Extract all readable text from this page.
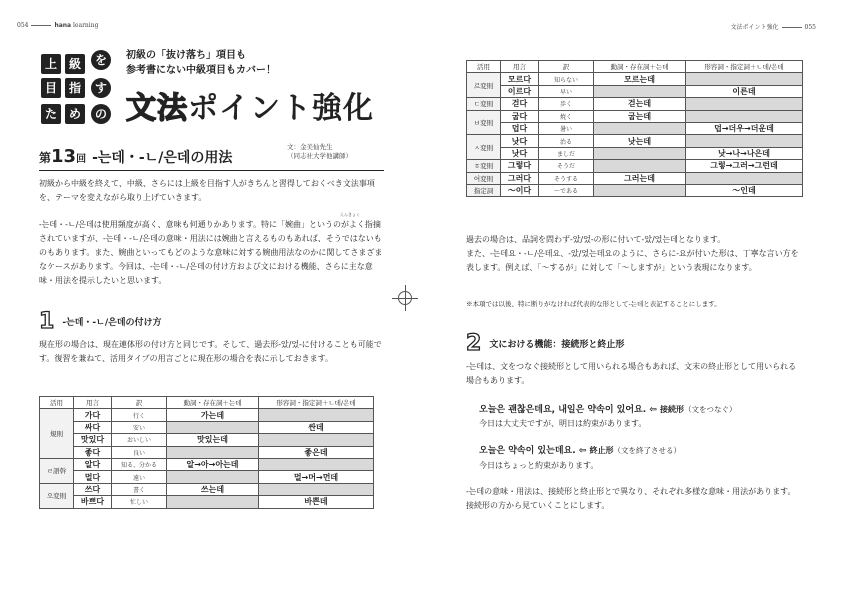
054	hana learning
上 級	を
目 指	す
た め	の
初級の「抜け落ち」項目も
参考書にない中級項目もカバー！
文法ポイント強化
第13回 -는데・-ㄴ/은데の用法
文：金美仙先生
（同志社大学他講師）
初級から中級を終えて、中級、さらには上級を目指す人がきちんと習得しておくべき文法事項を、テーマを変えながら取り上げていきます。
-는데・-ㄴ/은데は使用頻度が高く、意味も何通りかあります。特に「婉曲」というのがよく指摘されていますが、-는데・-ㄴ/은데の意味・用法には婉曲と言えるものもあれば、そうではないものもあります。また、婉曲といってもどのような意味に対する婉曲用法なのかに関してさまざまなケースがあります。今回は、-는데・-ㄴ/은데の付け方および文における機能、さらに主な意味・用法を提示したいと思います。
えんきょく
1 -는데・-ㄴ/은데の付け方
現在形の場合は、現在連体形の付け方と同じです。そして、過去形-았/었-に付けることも可能です。復習を兼ねて、活用タイプの用言ごとに現在形の場合を表に示しておきます。
活用	用言	訳	動詞・存在詞＋는데	形容詞・指定詞＋ㄴ데/은데
規則	가다	行く	가는데	
	싸다	安い		싼데
	맛있다	おいしい	맛있는데	
	좋다	良い		좋은데
ㄹ語幹	알다	知る、分かる	알→아→아는데	
	멀다	遠い		멀→머→먼데
으変則	쓰다	書く	쓰는데	
	바쁘다	忙しい		바쁜데
文法ポイント強化	055
活用	用言	訳	動詞・存在詞＋는데	形容詞・指定詞＋ㄴ데/은데
르変則	모르다	知らない	모르는데	
	이르다	早い		이른데
ㄷ変則	걷다	歩く	걷는데	
ㅂ変則	굽다	焼く	굽는데	
	덥다	暑い		덥→더우→더운데
ㅅ変則	낫다	治る	낫는데	
	낫다	ましだ		낫→나→나은데
ㅎ変則	그렇다	そうだ		그렇→그러→그런데
어変則	그러다	そうする	그러는데	
指定詞	～이다	～である		～인데
過去の場合は、品詞を問わず-았/었-の形に付いて-았/었는데となります。
また、-는데요・-ㄴ/은데요、-았/었는데요のように、さらに-요が付いた形は、丁寧な言い方を表します。例えば、「～するが」に対して「～しますが」という表現になります。
※本項では以後、特に断りがなければ代表的な形として-는데と表記することにします。
2 文における機能：接続形と終止形
-는데は、文をつなぐ接続形として用いられる場合もあれば、文末の終止形として用いられる場合もあります。
오늘은 괜찮은데요, 내일은 약속이 있어요. ⇦ 接続形（文をつなぐ）
今日は大丈夫ですが、明日は約束があります。
오늘은 약속이 있는데요. ⇦ 終止形（文を終了させる）
今日はちょっと約束があります。
-는데の意味・用法は、接続形と終止形とで異なり、それぞれ多様な意味・用法があります。接続形の方から見ていくことにします。
